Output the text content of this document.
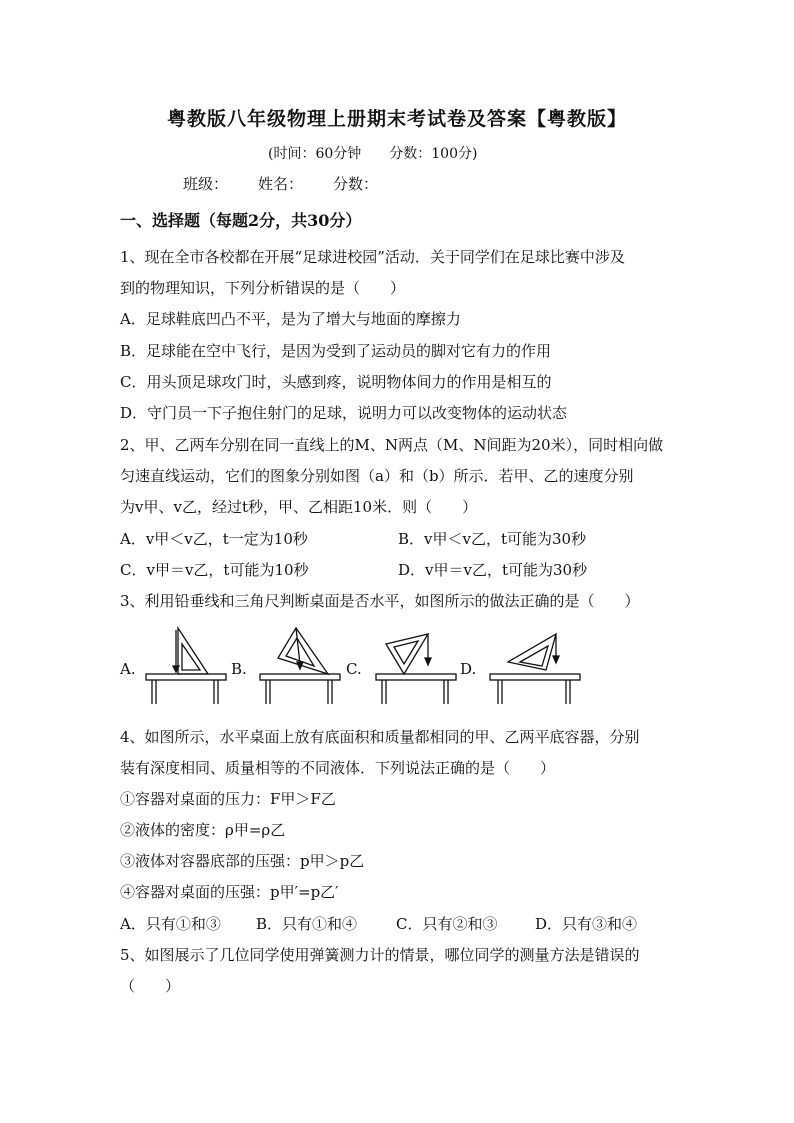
粤教版八年级物理上册期末考试卷及答案【粤教版】
(时间：60分钟　　分数：100分)
班级： 姓名： 分数：
一、选择题（每题2分，共30分）
1、现在全市各校都在开展“足球进校园”活动．关于同学们在足球比赛中涉及
到的物理知识，下列分析错误的是（　　）
A．足球鞋底凹凸不平，是为了增大与地面的摩擦力
B．足球能在空中飞行，是因为受到了运动员的脚对它有力的作用
C．用头顶足球攻门时，头感到疼，说明物体间力的作用是相互的
D．守门员一下子抱住射门的足球，说明力可以改变物体的运动状态
2、甲、乙两车分别在同一直线上的M、N两点（M、N间距为20米），同时相向做
匀速直线运动，它们的图象分别如图（a）和（b）所示．若甲、乙的速度分别
为v甲、v乙，经过t秒，甲、乙相距10米．则（　　）
A．v甲＜v乙，t一定为10秒	B．v甲＜v乙，t可能为30秒
C．v甲＝v乙，t可能为10秒	D．v甲＝v乙，t可能为30秒
3、利用铅垂线和三角尺判断桌面是否水平，如图所示的做法正确的是（　　）
A.	B.	C.	D.
4、如图所示，水平桌面上放有底面积和质量都相同的甲、乙两平底容器，分别
装有深度相同、质量相等的不同液体．下列说法正确的是（　　）
①容器对桌面的压力：F甲＞F乙
②液体的密度：ρ甲=ρ乙
③液体对容器底部的压强：p甲＞p乙
④容器对桌面的压强：p甲′=p乙′
A．只有①和③ B．只有①和④	C．只有②和③	D．只有③和④
5、如图展示了几位同学使用弹簧测力计的情景，哪位同学的测量方法是错误的
（　　）
